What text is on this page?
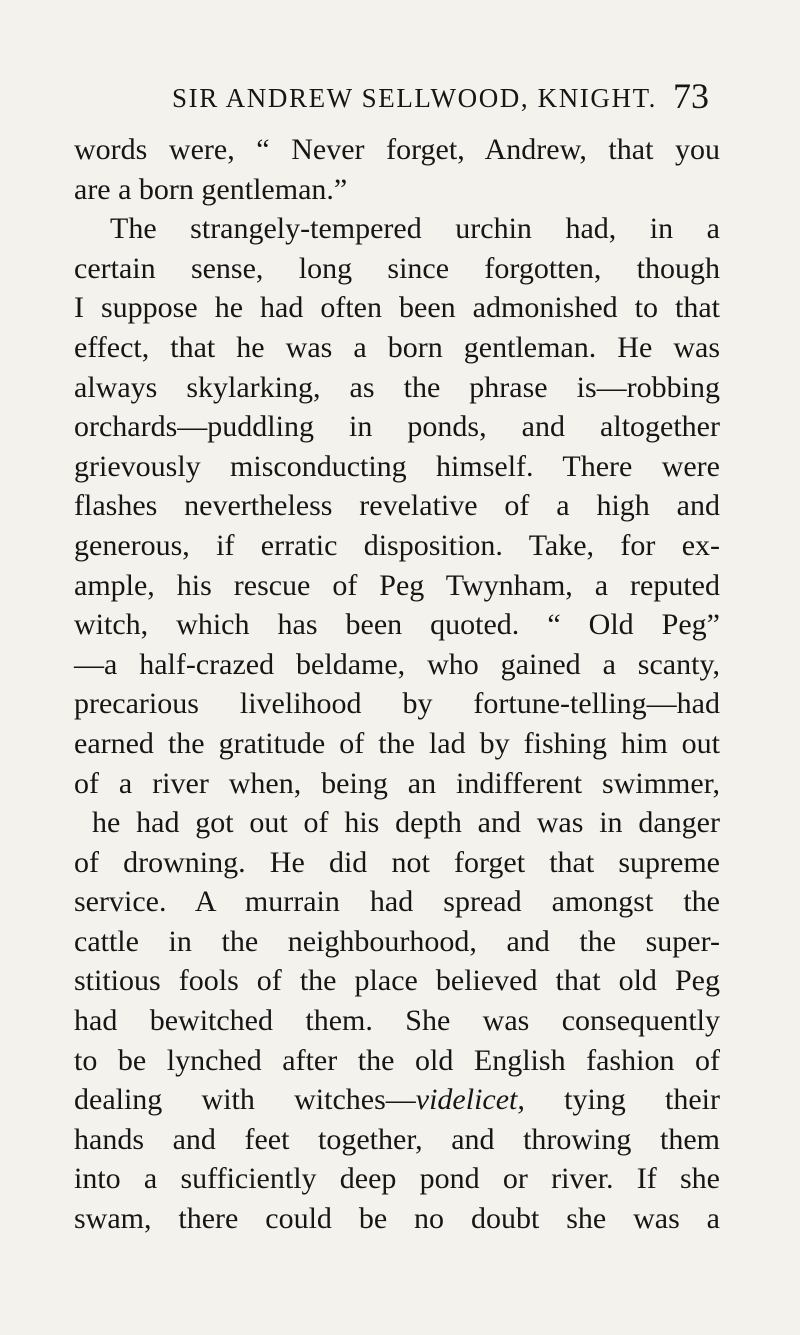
SIR ANDREW SELLWOOD, KNIGHT. 73
words were, “ Never forget, Andrew, that you
are a born gentleman.”
The strangely-tempered urchin had, in a
certain sense, long since forgotten, though
I suppose he had often been admonished to that
effect, that he was a born gentleman. He was
always skylarking, as the phrase is—robbing
orchards—puddling in ponds, and altogether
grievously misconducting himself. There were
flashes nevertheless revelative of a high and
generous, if erratic disposition. Take, for ex-
ample, his rescue of Peg Twynham, a reputed
witch, which has been quoted. “ Old Peg”
—a half-crazed beldame, who gained a scanty,
precarious livelihood by fortune-telling—had
earned the gratitude of the lad by fishing him out
of a river when, being an indifferent swimmer,
he had got out of his depth and was in danger
of drowning. He did not forget that supreme
service. A murrain had spread amongst the
cattle in the neighbourhood, and the super-
stitious fools of the place believed that old Peg
had bewitched them. She was consequently
to be lynched after the old English fashion of
dealing with witches—videlicet, tying their
hands and feet together, and throwing them
into a sufficiently deep pond or river. If she
swam, there could be no doubt she was a
